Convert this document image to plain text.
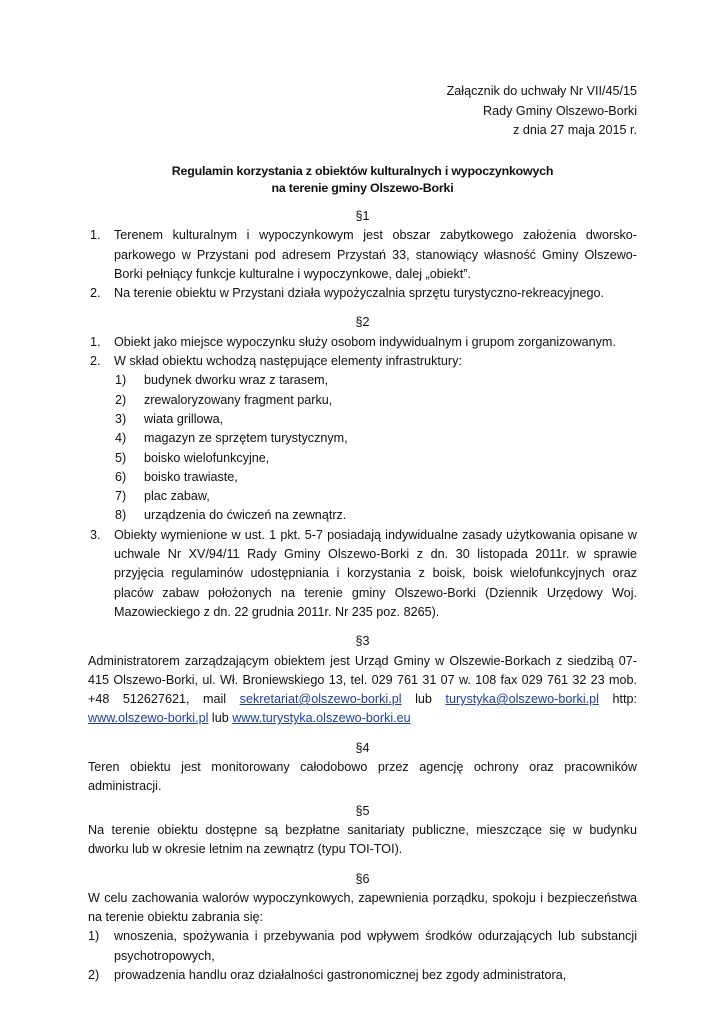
Załącznik do uchwały Nr VII/45/15
Rady Gminy Olszewo-Borki
z dnia 27 maja 2015 r.
Regulamin korzystania z obiektów kulturalnych i wypoczynkowych
na terenie gminy Olszewo-Borki
§1
1. Terenem kulturalnym i wypoczynkowym jest obszar zabytkowego założenia dworsko-parkowego w Przystani pod adresem Przystań 33, stanowiący własność Gminy Olszewo-Borki pełniący funkcje kulturalne i wypoczynkowe, dalej „obiekt”.
2. Na terenie obiektu w Przystani działa wypożyczalnia sprzętu turystyczno-rekreacyjnego.
§2
1. Obiekt jako miejsce wypoczynku służy osobom indywidualnym i grupom zorganizowanym.
2. W skład obiektu wchodzą następujące elementy infrastruktury:
1) budynek dworku wraz z tarasem,
2) zrewaloryzowany fragment parku,
3) wiata grillowa,
4) magazyn ze sprzętem turystycznym,
5) boisko wielofunkcyjne,
6) boisko trawiaste,
7) plac zabaw,
8) urządzenia do ćwiczeń na zewnątrz.
3. Obiekty wymienione w ust. 1 pkt. 5-7 posiadają indywidualne zasady użytkowania opisane w uchwale Nr XV/94/11 Rady Gminy Olszewo-Borki z dn. 30 listopada 2011r. w sprawie przyjęcia regulaminów udostępniania i korzystania z boisk, boisk wielofunkcyjnych oraz placów zabaw położonych na terenie gminy Olszewo-Borki (Dziennik Urzędowy Woj. Mazowieckiego z dn. 22 grudnia 2011r. Nr 235 poz. 8265).
§3
Administratorem zarządzającym obiektem jest Urząd Gminy w Olszewie-Borkach z siedzibą 07-415 Olszewo-Borki, ul. Wł. Broniewskiego 13, tel. 029 761 31 07 w. 108 fax 029 761 32 23 mob. +48 512627621, mail sekretariat@olszewo-borki.pl lub turystyka@olszewo-borki.pl http: www.olszewo-borki.pl lub www.turystyka.olszewo-borki.eu
§4
Teren obiektu jest monitorowany całodobowo przez agencję ochrony oraz pracowników administracji.
§5
Na terenie obiektu dostępne są bezpłatne sanitariaty publiczne, mieszczące się w budynku dworku lub w okresie letnim na zewnątrz (typu TOI-TOI).
§6
W celu zachowania walorów wypoczynkowych, zapewnienia porządku, spokoju i bezpieczeństwa na terenie obiektu zabrania się:
1) wnoszenia, spożywania i przebywania pod wpływem środków odurzających lub substancji psychotropowych,
2) prowadzenia handlu oraz działalności gastronomicznej bez zgody administratora,
